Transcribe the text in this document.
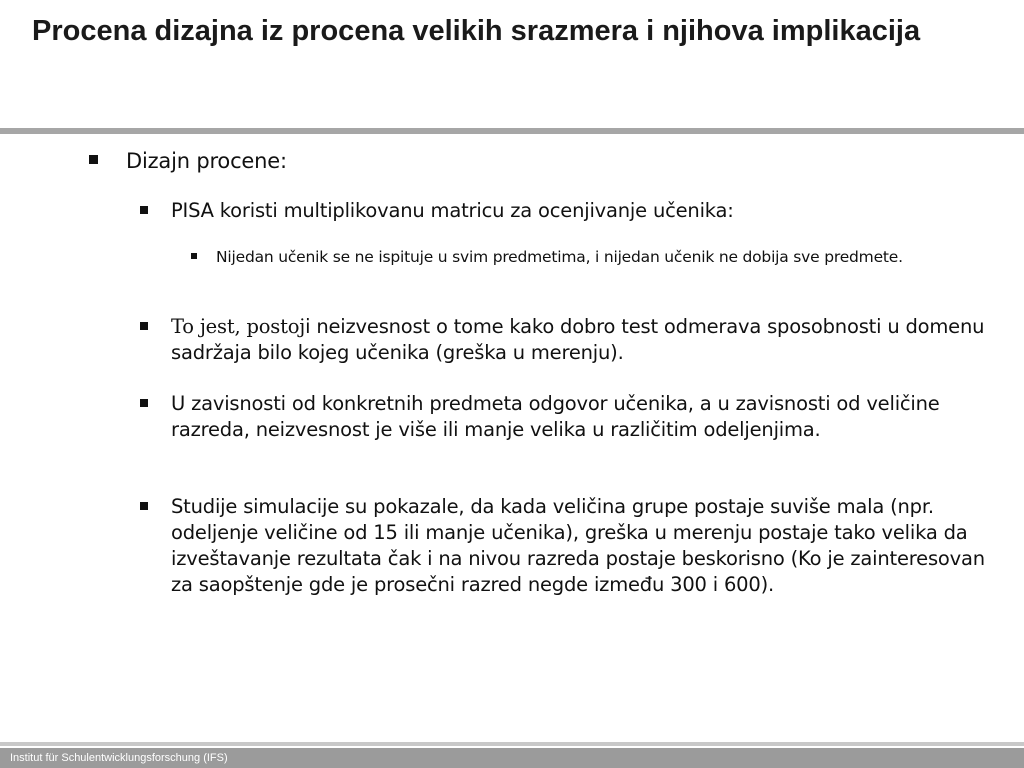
Procena dizajna iz procena velikih srazmera i njihova implikacija
Dizajn procene:
PISA koristi multiplikovanu matricu za ocenjivanje učenika:
Nijedan učenik se ne ispituje u svim predmetima, i nijedan učenik ne dobija sve predmete.
To jest, postoji neizvesnost o tome kako dobro test odmerava sposobnosti u domenu sadržaja bilo kojeg učenika (greška u merenju).
U zavisnosti od konkretnih predmeta odgovor učenika, a u zavisnosti od veličine razreda, neizvesnost je više ili manje velika u različitim odeljenjima.
Studije simulacije su pokazale, da kada veličina grupe postaje suviše mala (npr. odeljenje veličine od 15 ili manje učenika), greška u merenju postaje tako velika da izveštavanje rezultata čak i na nivou razreda postaje beskorisno (Ko je zainteresovan za saopštenje gde je prosečni razred negde između 300 i 600).
Institut für Schulentwicklungsforschung (IFS)
